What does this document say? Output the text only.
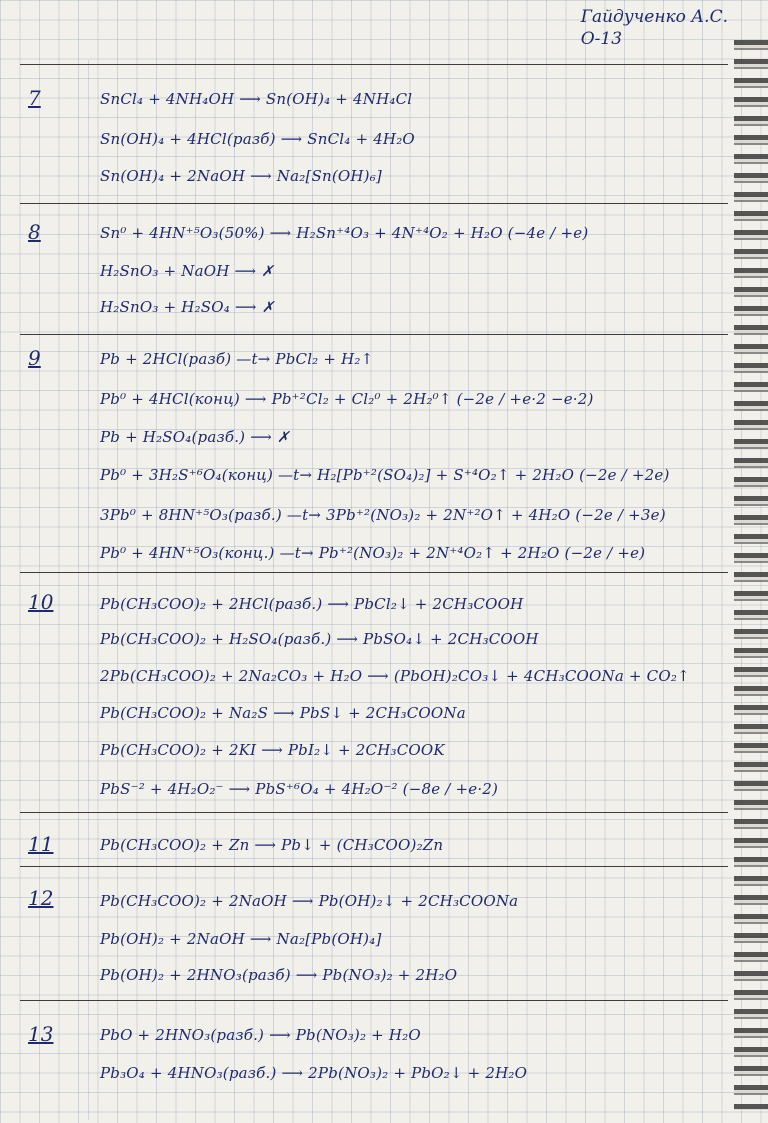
Гайдученко А.С.
О-13
7	SnCl₄ + 4NH₄OH ⟶ Sn(OH)₄ + 4NH₄Cl
Sn(OH)₄ + 4HCl(разб) ⟶ SnCl₄ + 4H₂O
Sn(OH)₄ + 2NaOH ⟶ Na₂[Sn(OH)₆]
8	Sn⁰ + 4HN⁺⁵O₃(50%) ⟶ H₂Sn⁺⁴O₃ + 4N⁺⁴O₂ + H₂O (−4e / +e)
H₂SnO₃ + NaOH ⟶ ✗
H₂SnO₃ + H₂SO₄ ⟶ ✗
9	Pb + 2HCl(разб) —t→ PbCl₂ + H₂↑
Pb⁰ + 4HCl(конц) ⟶ Pb⁺²Cl₂ + Cl₂⁰ + 2H₂⁰↑ (−2e / +e·2 −e·2)
Pb + H₂SO₄(разб.) ⟶ ✗
Pb⁰ + 3H₂S⁺⁶O₄(конц) —t→ H₂[Pb⁺²(SO₄)₂] + S⁺⁴O₂↑ + 2H₂O (−2e / +2e)
3Pb⁰ + 8HN⁺⁵O₃(разб.) —t→ 3Pb⁺²(NO₃)₂ + 2N⁺²O↑ + 4H₂O (−2e / +3e)
Pb⁰ + 4HN⁺⁵O₃(конц.) —t→ Pb⁺²(NO₃)₂ + 2N⁺⁴O₂↑ + 2H₂O (−2e / +e)
10	Pb(CH₃COO)₂ + 2HCl(разб.) ⟶ PbCl₂↓ + 2CH₃COOH
Pb(CH₃COO)₂ + H₂SO₄(разб.) ⟶ PbSO₄↓ + 2CH₃COOH
2Pb(CH₃COO)₂ + 2Na₂CO₃ + H₂O ⟶ (PbOH)₂CO₃↓ + 4CH₃COONa + CO₂↑
Pb(CH₃COO)₂ + Na₂S ⟶ PbS↓ + 2CH₃COONa
Pb(CH₃COO)₂ + 2KI ⟶ PbI₂↓ + 2CH₃COOK
PbS⁻² + 4H₂O₂⁻ ⟶ PbS⁺⁶O₄ + 4H₂O⁻² (−8e / +e·2)
11	Pb(CH₃COO)₂ + Zn ⟶ Pb↓ + (CH₃COO)₂Zn
12	Pb(CH₃COO)₂ + 2NaOH ⟶ Pb(OH)₂↓ + 2CH₃COONa
Pb(OH)₂ + 2NaOH ⟶ Na₂[Pb(OH)₄]
Pb(OH)₂ + 2HNO₃(разб) ⟶ Pb(NO₃)₂ + 2H₂O
13	PbO + 2HNO₃(разб.) ⟶ Pb(NO₃)₂ + H₂O
Pb₃O₄ + 4HNO₃(разб.) ⟶ 2Pb(NO₃)₂ + PbO₂↓ + 2H₂O
